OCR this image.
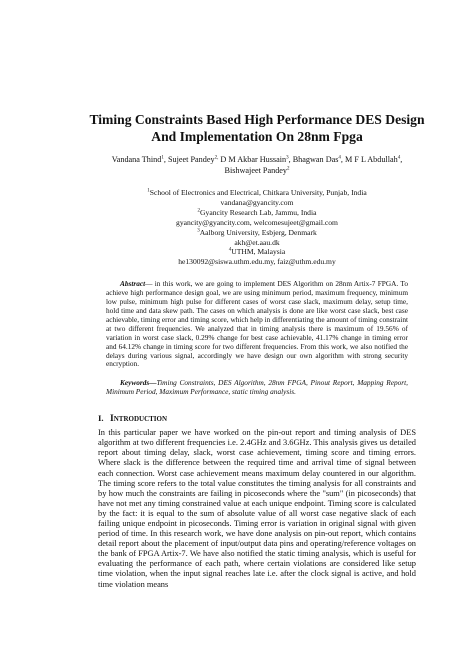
Timing Constraints Based High Performance DES Design
And Implementation On 28nm Fpga
Vandana Thind$^1$, Sujeet Pandey$^{2,}$ D M Akbar Hussain$^3$, Bhagwan Das$^4$, M F L Abdullah$^4$, Bishwajeet Pandey$^2$
$^1$School of Electronics and Electrical, Chitkara University, Punjab, India
vandana@gyancity.com
$^2$Gyancity Research Lab, Jammu, India
gyancity@gyancity.com, welcomesujeet@gmail.com
$^3$Aalborg University, Esbjerg, Denmark
akh@et.aau.dk
$^4$UTHM, Malaysia
he130092@siswa.uthm.edu.my, faiz@uthm.edu.my

Abstract— in this work, we are going to implement DES Algorithm on 28nm Artix-7 FPGA. To achieve high performance design goal, we are using minimum period, maximum frequency, minimum low pulse, minimum high pulse for different cases of worst case slack, maximum delay, setup time, hold time and data skew path. The cases on which analysis is done are like worst case slack, best case achievable, timing error and timing score, which help in differentiating the amount of timing constraint at two different frequencies. We analyzed that in timing analysis there is maximum of 19.56% of variation in worst case slack, 0.29% change for best case achievable, 41.17% change in timing error and 64.12% change in timing score for two different frequencies. From this work, we also notified the delays during various signal, accordingly we have design our own algorithm with strong security encryption.

Keywords—Timing Constraints, DES Algorithm, 28nm FPGA, Pinout Report, Mapping Report, Minimum Period, Maximum Performance, static timing analysis.

I. Introduction

In this particular paper we have worked on the pin-out report and timing analysis of DES algorithm at two different frequencies i.e. 2.4GHz and 3.6GHz. This analysis gives us detailed report about timing delay, slack, worst case achievement, timing score and timing errors. Where slack is the difference between the required time and arrival time of signal between each connection. Worst case achievement means maximum delay countered in our algorithm. The timing score refers to the total value constitutes the timing analysis for all constraints and by how much the constraints are failing in picoseconds where the "sum" (in picoseconds) that have not met any timing constrained value at each unique endpoint. Timing score is calculated by the fact: it is equal to the sum of absolute value of all worst case negative slack of each failing unique endpoint in picoseconds. Timing error is variation in original signal with given period of time. In this research work, we have done analysis on pin-out report, which contains detail report about the placement of input/output data pins and operating/reference voltages on the bank of FPGA Artix-7. We have also notified the static timing analysis, which is useful for evaluating the performance of each path, where certain violations are considered like setup time violation, when the input signal reaches late i.e. after the clock signal is active, and hold time violation means
